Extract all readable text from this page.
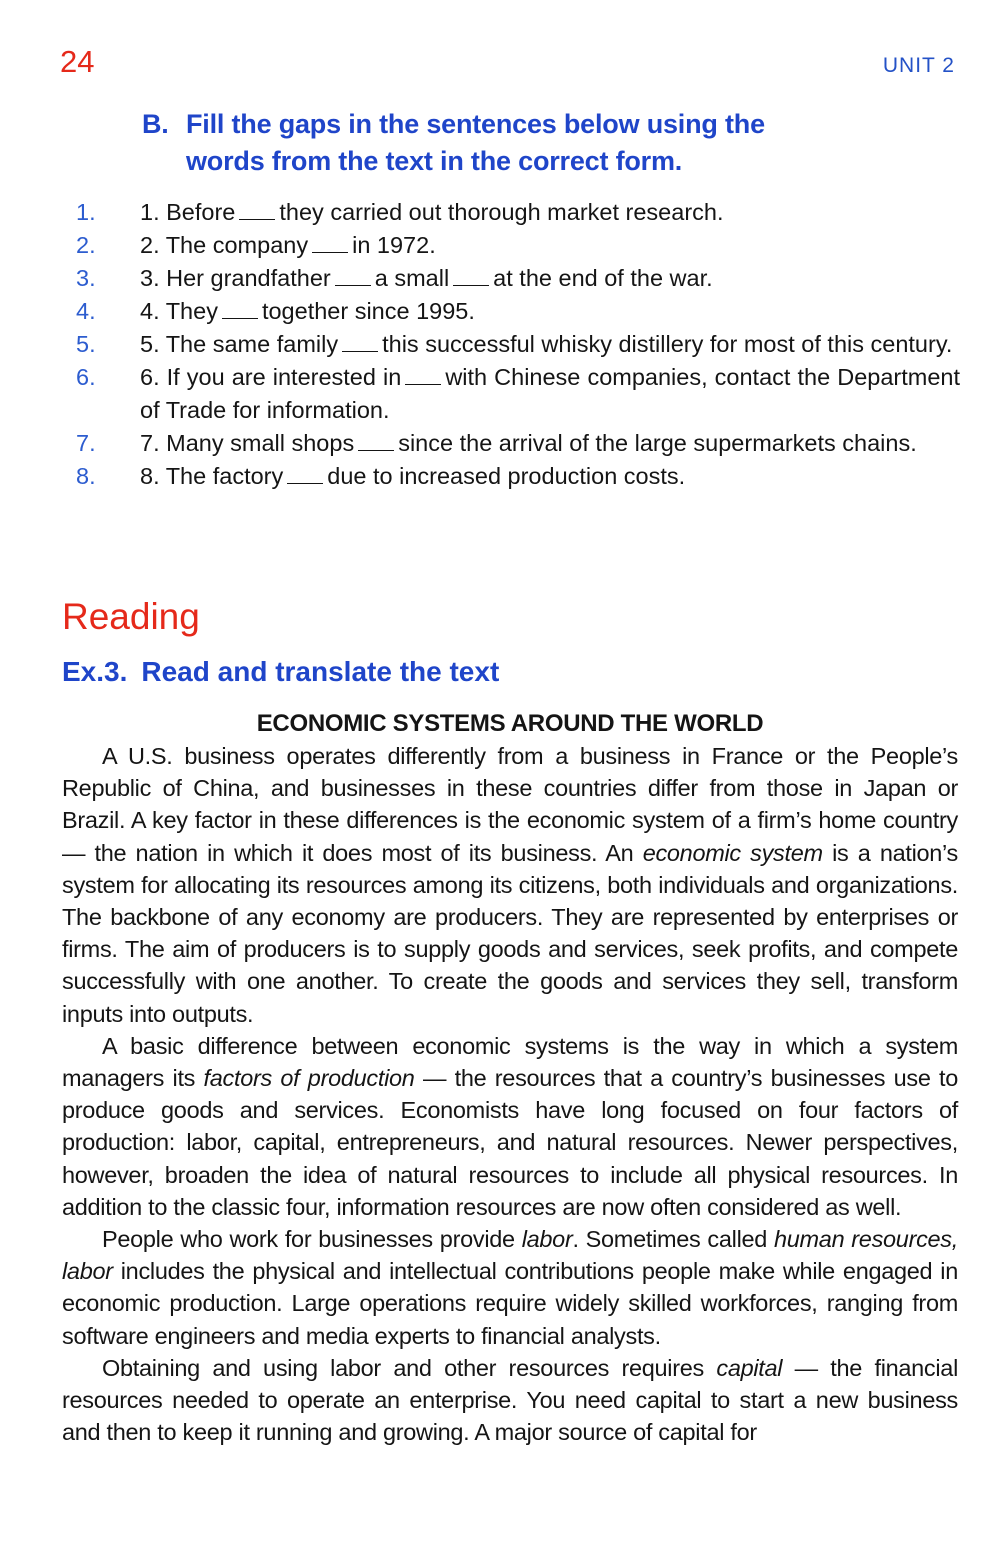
24	UNIT 2
B. Fill the gaps in the sentences below using the
words from the text in the correct form.
1.	1. Before they carried out thorough market research.
2.	2. The company in 1972.
3.	3. Her grandfather a small at the end of the war.
4.	4. They together since 1995.
5.	5. The same family this successful whisky distillery for most of this century.
6.	6. If you are interested in with Chinese companies, contact the Department of Trade for information.
7.	7. Many small shops since the arrival of the large supermarkets chains.
8.	8. The factory due to increased production costs.
Reading
Ex.3. Read and translate the text
ECONOMIC SYSTEMS AROUND THE WORLD

A U.S. business operates differently from a business in France or the People’s Republic of China, and businesses in these countries differ from those in Japan or Brazil. A key factor in these differences is the economic system of a firm’s home country — the nation in which it does most of its business. An economic system is a nation’s system for allocating its resources among its citizens, both individuals and organizations. The backbone of any economy are producers. They are represented by enterprises or firms. The aim of producers is to supply goods and services, seek profits, and compete successfully with one another. To create the goods and services they sell, transform inputs into outputs.

A basic difference between economic systems is the way in which a system managers its factors of production — the resources that a country’s businesses use to produce goods and services. Economists have long focused on four factors of production: labor, capital, entrepreneurs, and natural resources. Newer perspectives, however, broaden the idea of natural resources to include all physical resources. In addition to the classic four, information resources are now often considered as well.

People who work for businesses provide labor. Sometimes called human resources, labor includes the physical and intellectual contributions people make while engaged in economic production. Large operations require widely skilled workforces, ranging from software engineers and media experts to financial analysts.

Obtaining and using labor and other resources requires capital — the financial resources needed to operate an enterprise. You need capital to start a new business and then to keep it running and growing. A major source of capital for
